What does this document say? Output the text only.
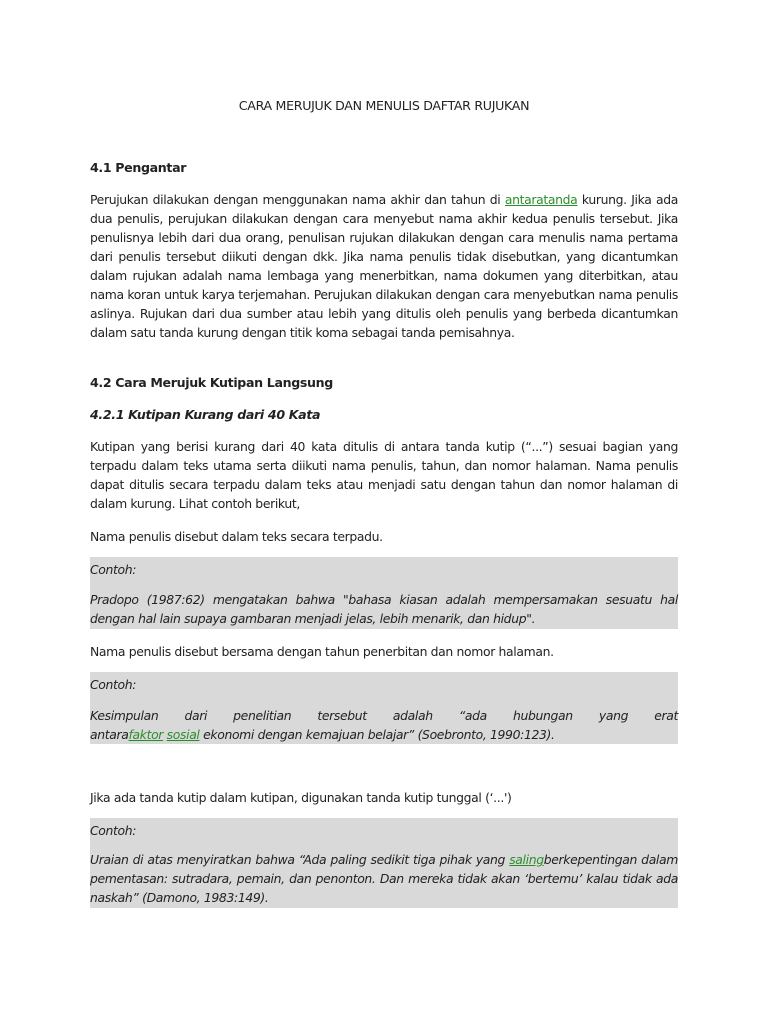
CARA MERUJUK DAN MENULIS DAFTAR RUJUKAN
4.1 Pengantar
Perujukan dilakukan dengan menggunakan nama akhir dan tahun di antaratanda kurung. Jika ada dua penulis, perujukan dilakukan dengan cara menyebut nama akhir kedua penulis tersebut. Jika penulisnya lebih dari dua orang, penulisan rujukan dilakukan dengan cara menulis nama pertama dari penulis tersebut diikuti dengan dkk. Jika nama penulis tidak disebutkan, yang dicantumkan dalam rujukan adalah nama lembaga yang menerbitkan, nama dokumen yang diterbitkan, atau nama koran untuk karya terjemahan. Perujukan dilakukan dengan cara menyebutkan nama penulis aslinya. Rujukan dari dua sumber atau lebih yang ditulis oleh penulis yang berbeda dicantumkan dalam satu tanda kurung dengan titik koma sebagai tanda pemisahnya.
4.2 Cara Merujuk Kutipan Langsung
4.2.1 Kutipan Kurang dari 40 Kata
Kutipan yang berisi kurang dari 40 kata ditulis di antara tanda kutip (“...”) sesuai bagian yang terpadu dalam teks utama serta diikuti nama penulis, tahun, dan nomor halaman. Nama penulis dapat ditulis secara terpadu dalam teks atau menjadi satu dengan tahun dan nomor halaman di dalam kurung. Lihat contoh berikut,
Nama penulis disebut dalam teks secara terpadu.
Contoh:
Pradopo (1987:62) mengatakan bahwa "bahasa kiasan adalah mempersamakan sesuatu hal dengan hal lain supaya gambaran menjadi jelas, lebih menarik, dan hidup".
Nama penulis disebut bersama dengan tahun penerbitan dan nomor halaman.
Contoh:
Kesimpulan dari penelitian tersebut adalah “ada hubungan yang erat
antarafaktor sosial ekonomi dengan kemajuan belajar” (Soebronto, 1990:123).
Jika ada tanda kutip dalam kutipan, digunakan tanda kutip tunggal (‘...')
Contoh:
Uraian di atas menyiratkan bahwa “Ada paling sedikit tiga pihak yang salingberkepentingan dalam pementasan: sutradara, pemain, dan penonton. Dan mereka tidak akan ‘bertemu’ kalau tidak ada naskah” (Damono, 1983:149).
